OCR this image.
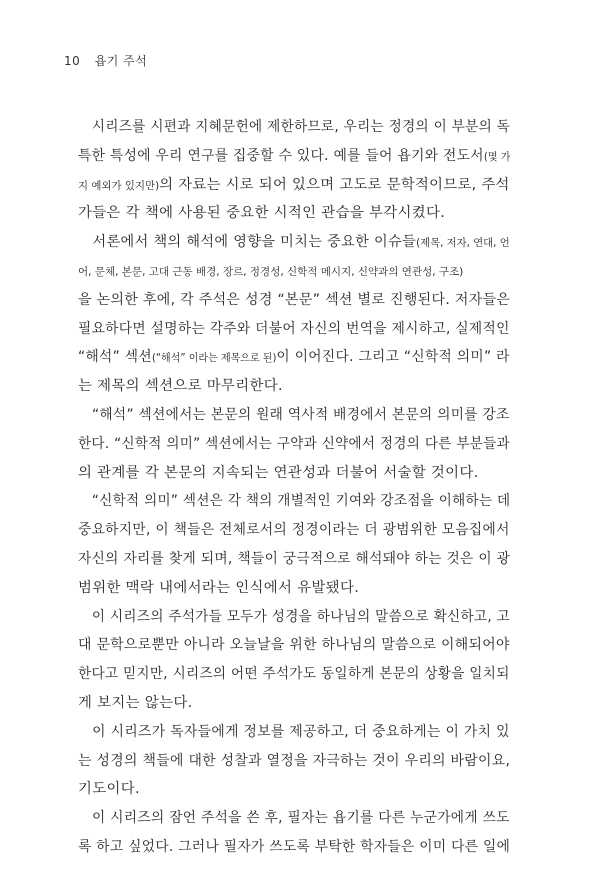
10 욥기 주석
　시리즈를 시편과 지혜문헌에 제한하므로, 우리는 정경의 이 부분의 독
특한 특성에 우리 연구를 집중할 수 있다. 예를 들어 욥기와 전도서(몇 가
지 예외가 있지만)의 자료는 시로 되어 있으며 고도로 문학적이므로, 주석
가들은 각 책에 사용된 중요한 시적인 관습을 부각시켰다.
　서론에서 책의 해석에 영향을 미치는 중요한 이슈들(제목, 저자, 연대, 언
어, 문체, 본문, 고대 근동 배경, 장르, 정경성, 신학적 메시지, 신약과의 연관성, 구조)
을 논의한 후에, 각 주석은 성경 “본문” 섹션 별로 진행된다. 저자들은
필요하다면 설명하는 각주와 더불어 자신의 번역을 제시하고, 실제적인
“해석” 섹션(“해석” 이라는 제목으로 된)이 이어진다. 그리고 “신학적 의미” 라
는 제목의 섹션으로 마무리한다.
　“해석” 섹션에서는 본문의 원래 역사적 배경에서 본문의 의미를 강조
한다. “신학적 의미” 섹션에서는 구약과 신약에서 정경의 다른 부분들과
의 관계를 각 본문의 지속되는 연관성과 더불어 서술할 것이다.
　“신학적 의미” 섹션은 각 책의 개별적인 기여와 강조점을 이해하는 데
중요하지만, 이 책들은 전체로서의 정경이라는 더 광범위한 모음집에서
자신의 자리를 찾게 되며, 책들이 궁극적으로 해석돼야 하는 것은 이 광
범위한 맥락 내에서라는 인식에서 유발됐다.
　이 시리즈의 주석가들 모두가 성경을 하나님의 말씀으로 확신하고, 고
대 문학으로뿐만 아니라 오늘날을 위한 하나님의 말씀으로 이해되어야
한다고 믿지만, 시리즈의 어떤 주석가도 동일하게 본문의 상황을 일치되
게 보지는 않는다.
　이 시리즈가 독자들에게 정보를 제공하고, 더 중요하게는 이 가치 있
는 성경의 책들에 대한 성찰과 열정을 자극하는 것이 우리의 바람이요,
기도이다.
　이 시리즈의 잠언 주석을 쓴 후, 필자는 욥기를 다른 누군가에게 쓰도
록 하고 싶었다. 그러나 필자가 쓰도록 부탁한 학자들은 이미 다른 일에
